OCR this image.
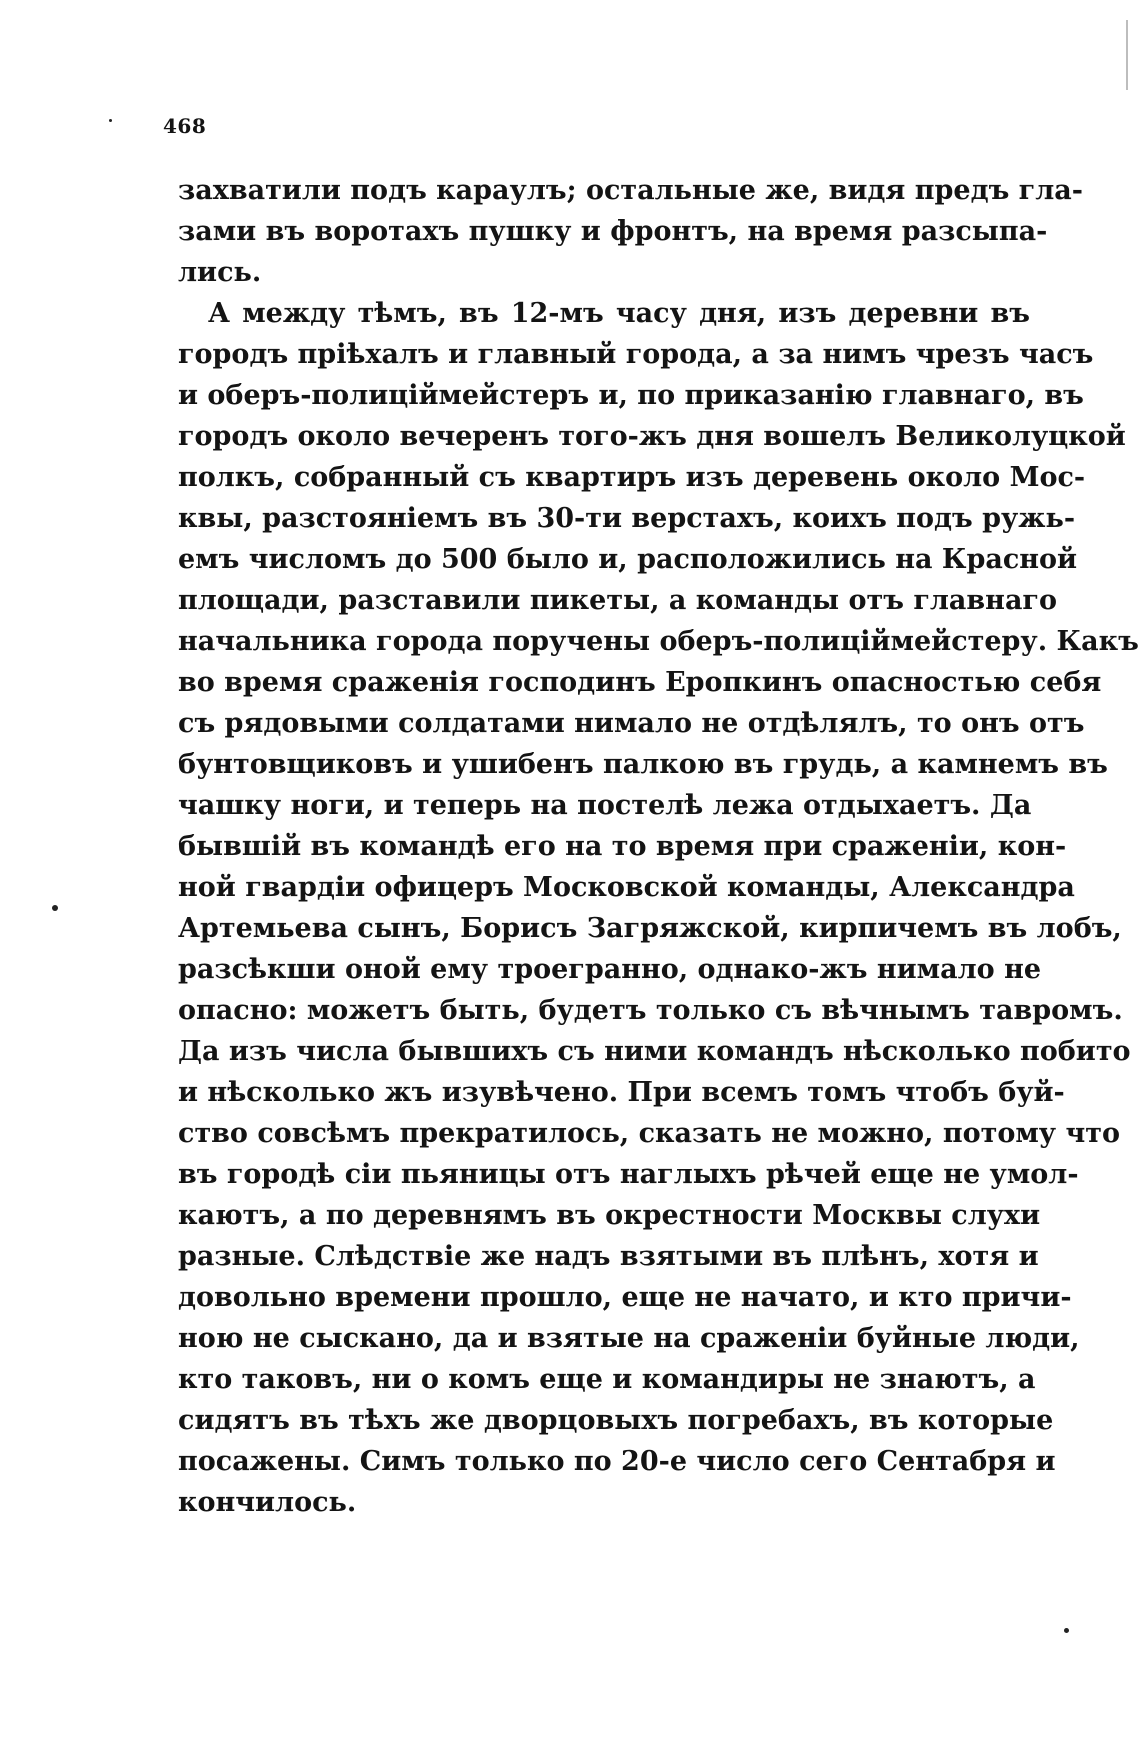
468
захватили подъ караулъ; остальные же, видя предъ гла-
зами въ воротахъ пушку и фронтъ, на время разсыпа-
лись.
А между тѣмъ, въ 12-мъ часу дня, изъ деревни въ
городъ пріѣхалъ и главный города, а за нимъ чрезъ часъ
и оберъ-полиціймейстеръ и, по приказанію главнаго, въ
городъ около вечеренъ того-жъ дня вошелъ Великолуцкой
полкъ, собранный съ квартиръ изъ деревень около Мос-
квы, разстояніемъ въ 30-ти верстахъ, коихъ подъ ружь-
емъ числомъ до 500 было и, расположились на Красной
площади, разставили пикеты, а команды отъ главнаго
начальника города поручены оберъ-полиціймейстеру. Какъ
во время сраженія господинъ Еропкинъ опасностью себя
съ рядовыми солдатами нимало не отдѣлялъ, то онъ отъ
бунтовщиковъ и ушибенъ палкою въ грудь, а камнемъ въ
чашку ноги, и теперь на постелѣ лежа отдыхаетъ. Да
бывшій въ командѣ его на то время при сраженіи, кон-
ной гвардіи офицеръ Московской команды, Александра
Артемьева сынъ, Борисъ Загряжской, кирпичемъ въ лобъ,
разсѣкши оной ему троегранно, однако-жъ нимало не
опасно: можетъ быть, будетъ только съ вѣчнымъ тавромъ.
Да изъ числа бывшихъ съ ними командъ нѣсколько побито
и нѣсколько жъ изувѣчено. При всемъ томъ чтобъ буй-
ство совсѣмъ прекратилось, сказать не можно, потому что
въ городѣ сіи пьяницы отъ наглыхъ рѣчей еще не умол-
каютъ, а по деревнямъ въ окрестности Москвы слухи
разные. Слѣдствіе же надъ взятыми въ плѣнъ, хотя и
довольно времени прошло, еще не начато, и кто причи-
ною не сыскано, да и взятые на сраженіи буйные люди,
кто таковъ, ни о комъ еще и командиры не знаютъ, а
сидятъ въ тѣхъ же дворцовыхъ погребахъ, въ которые
посажены. Симъ только по 20-е число сего Сентабря и
кончилось.
